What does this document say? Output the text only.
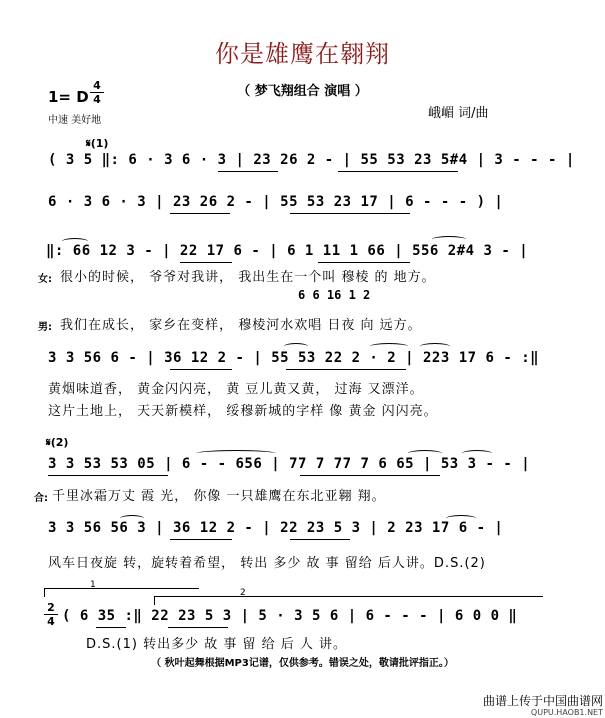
你是雄鹰在翱翔
（ 梦飞翔组合 演唱 ）
1= D
4
4
中速 美好地	峨嵋 词/曲
𝄋(1)
( 3 5 ‖: 6 · 3 6 · 3 | 23 26 2 - | 55 53 23 5#4 | 3 - - - |
6 · 3 6 · 3 | 23 26 2 - | 55 53 23 17 | 6 - - - ) |
‖: 66 12 3 - | 22 17 6 - | 6 1 11 1 66 | 556 2#4 3 - |
女: 很小的时候， 爷爷对我讲， 我出生在一个叫 穆棱 的 地方。
6 6 16 1 2
男: 我们在成长， 家乡在变样， 穆棱河水欢唱 日夜 向 远方。
3 3 56 6 - | 36 12 2 - | 55 53 22 2 · 2 | 223 17 6 - :‖
黄烟味道香， 黄金闪闪亮， 黄 豆儿黄又黄， 过海 又漂洋。
这片土地上， 天天新模样， 绥穆新城的字样 像 黄金 闪闪亮。
𝄋(2)
3 3 53 53 05 | 6 - - 656 | 77 7 77 7 6 65 | 53 3 - - |
合: 千里冰霜万丈 霞 光， 你像 一只雄鹰在东北亚翱 翔。
3 3 56 56 3 | 36 12 2 - | 22 23 5 3 | 2 23 17 6 - |
风车日夜旋 转，旋转着希望， 转出 多少 故 事 留给 后人讲。D.S.(2)
1
2
2
4 ( 6 35 :‖ 22 23 5 3 | 5 · 3 5 6 | 6 - - - | 6 0 0 ‖
D.S.(1) 转出多少 故 事 留 给 后 人 讲。
（ 秋叶起舞根据MP3记谱，仅供参考。错误之处，敬请批评指正。）
曲谱上传于中国曲谱网
QUPU.HAOB1.NET
